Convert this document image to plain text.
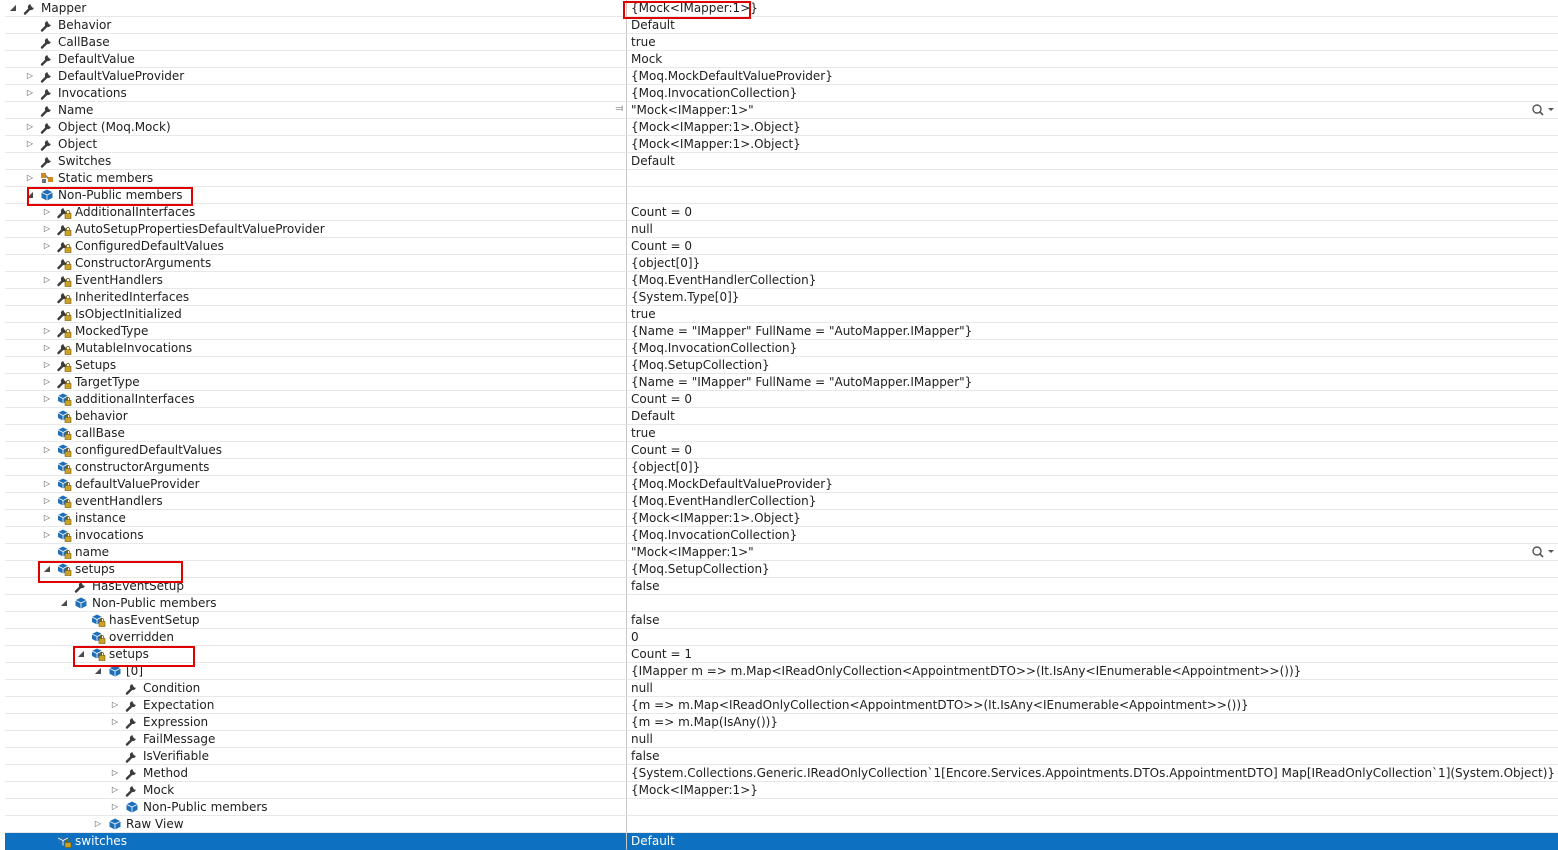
◢ Mapper	{Mock<IMapper:1>}
Behavior	Default
CallBase	true
DefaultValue	Mock
▷ DefaultValueProvider	{Moq.MockDefaultValueProvider}
▷ Invocations	{Moq.InvocationCollection}
Name	⫤ "Mock<IMapper:1>"
▷ Object (Moq.Mock)	{Mock<IMapper:1>.Object}
▷ Object	{Mock<IMapper:1>.Object}
Switches	Default
▷ Static members
◢ Non-Public members
▷ AdditionalInterfaces	Count = 0
▷ AutoSetupPropertiesDefaultValueProvider	null
▷ ConfiguredDefaultValues	Count = 0
ConstructorArguments	{object[0]}
▷ EventHandlers	{Moq.EventHandlerCollection}
InheritedInterfaces	{System.Type[0]}
IsObjectInitialized	true
▷ MockedType	{Name = "IMapper" FullName = "AutoMapper.IMapper"}
▷ MutableInvocations	{Moq.InvocationCollection}
▷ Setups	{Moq.SetupCollection}
▷ TargetType	{Name = "IMapper" FullName = "AutoMapper.IMapper"}
▷ additionalInterfaces	Count = 0
behavior	Default
callBase	true
▷ configuredDefaultValues	Count = 0
constructorArguments	{object[0]}
▷ defaultValueProvider	{Moq.MockDefaultValueProvider}
▷ eventHandlers	{Moq.EventHandlerCollection}
▷ instance	{Mock<IMapper:1>.Object}
▷ invocations	{Moq.InvocationCollection}
name	"Mock<IMapper:1>"
◢ setups	{Moq.SetupCollection}
HasEventSetup	false
◢ Non-Public members
hasEventSetup	false
overridden	0
◢ setups	Count = 1
◢ [0]	{IMapper m => m.Map<IReadOnlyCollection<AppointmentDTO>>(It.IsAny<IEnumerable<Appointment>>())}
Condition	null
▷ Expectation	{m => m.Map<IReadOnlyCollection<AppointmentDTO>>(It.IsAny<IEnumerable<Appointment>>())}
▷ Expression	{m => m.Map(IsAny())}
FailMessage	null
IsVerifiable	false
▷ Method	{System.Collections.Generic.IReadOnlyCollection`1[Encore.Services.Appointments.DTOs.AppointmentDTO] Map[IReadOnlyCollection`1](System.Object)}
▷ Mock	{Mock<IMapper:1>}
▷ Non-Public members
▷ Raw View
switches	Default
